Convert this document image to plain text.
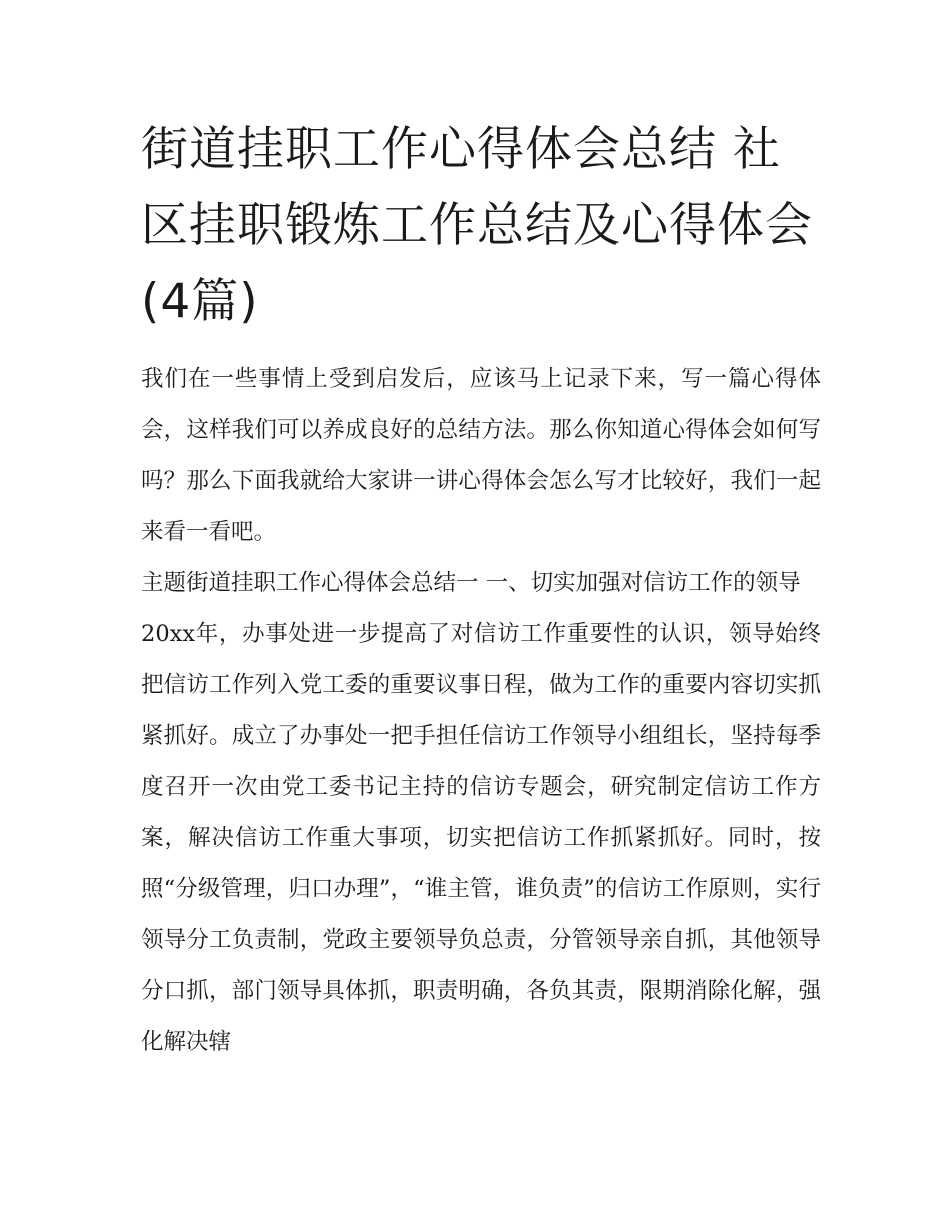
街道挂职工作心得体会总结 社区挂职锻炼工作总结及心得体会(4篇)

我们在一些事情上受到启发后，应该马上记录下来，写一篇心得体会，这样我们可以养成良好的总结方法。那么你知道心得体会如何写吗？那么下面我就给大家讲一讲心得体会怎么写才比较好，我们一起来看一看吧。

主题街道挂职工作心得体会总结一 一、切实加强对信访工作的领导

20xx年，办事处进一步提高了对信访工作重要性的认识，领导始终把信访工作列入党工委的重要议事日程，做为工作的重要内容切实抓紧抓好。成立了办事处一把手担任信访工作领导小组组长，坚持每季度召开一次由党工委书记主持的信访专题会，研究制定信访工作方案，解决信访工作重大事项，切实把信访工作抓紧抓好。同时，按照“分级管理，归口办理”，“谁主管，谁负责”的信访工作原则，实行领导分工负责制，党政主要领导负总责，分管领导亲自抓，其他领导分口抓，部门领导具体抓，职责明确，各负其责，限期消除化解，强化解决辖
